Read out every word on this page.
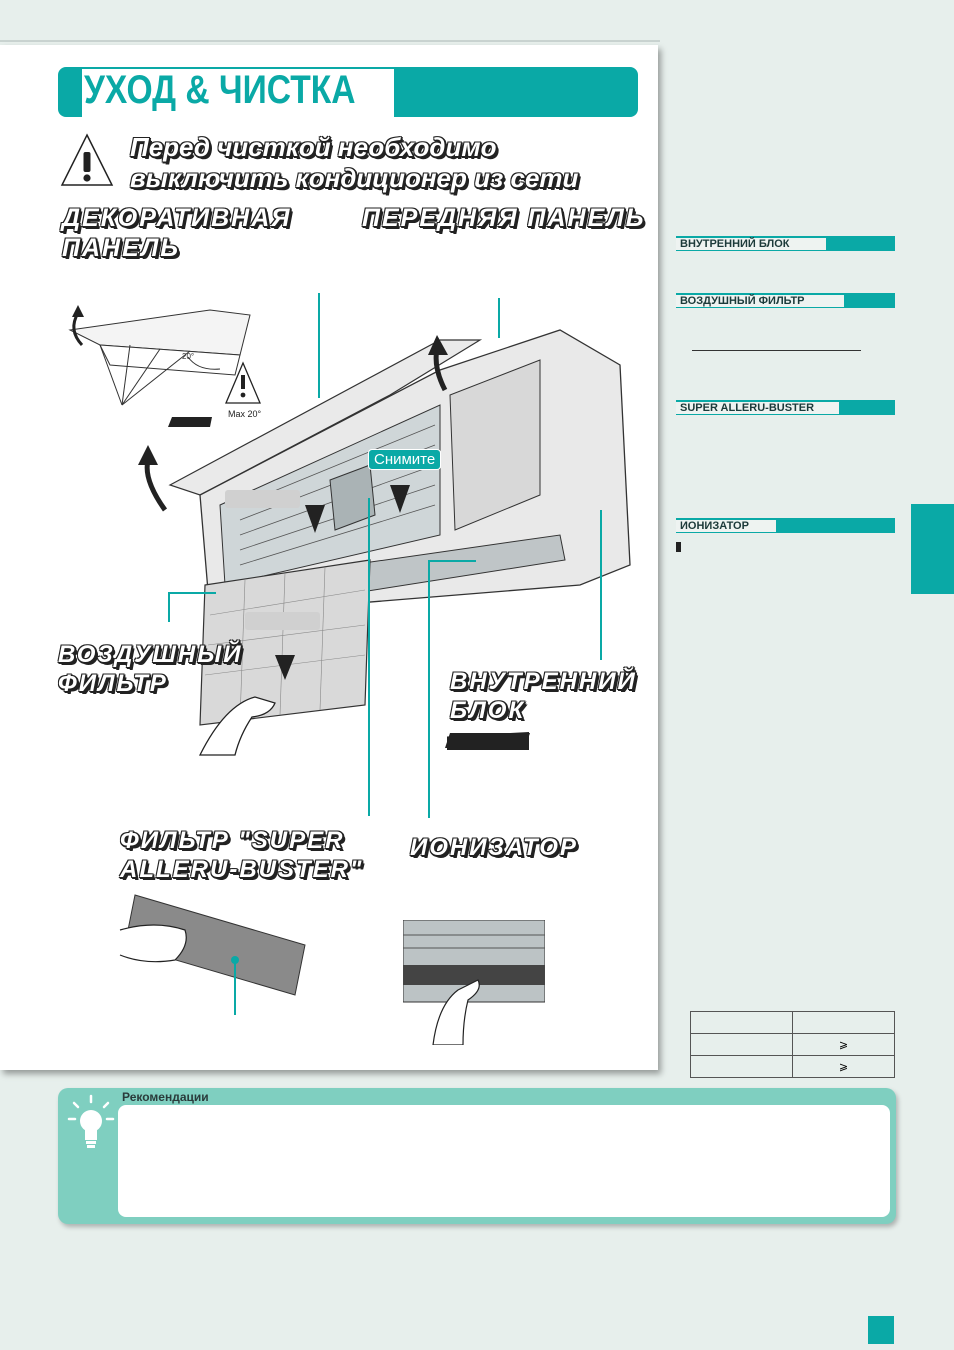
УХОД & ЧИСТКА
Перед чисткой необходимо
выключить кондиционер из сети
ДЕКОРАТИВНАЯ
ПАНЕЛЬ
ПЕРЕДНЯЯ ПАНЕЛЬ
20°
Max 20°
Снимите
ВОЗДУШНЫЙ
ФИЛЬТР	ВНУТРЕННИЙ
БЛОК
ФИЛЬТР "SUPER
ALLERU-BUSTER"
ИОНИЗАТОР
ВНУТРЕННИЙ БЛОК
ВОЗДУШНЫЙ ФИЛЬТР
SUPER ALLERU-BUSTER
ИОНИЗАТОР

	⩾
	⩾
Рекомендации
